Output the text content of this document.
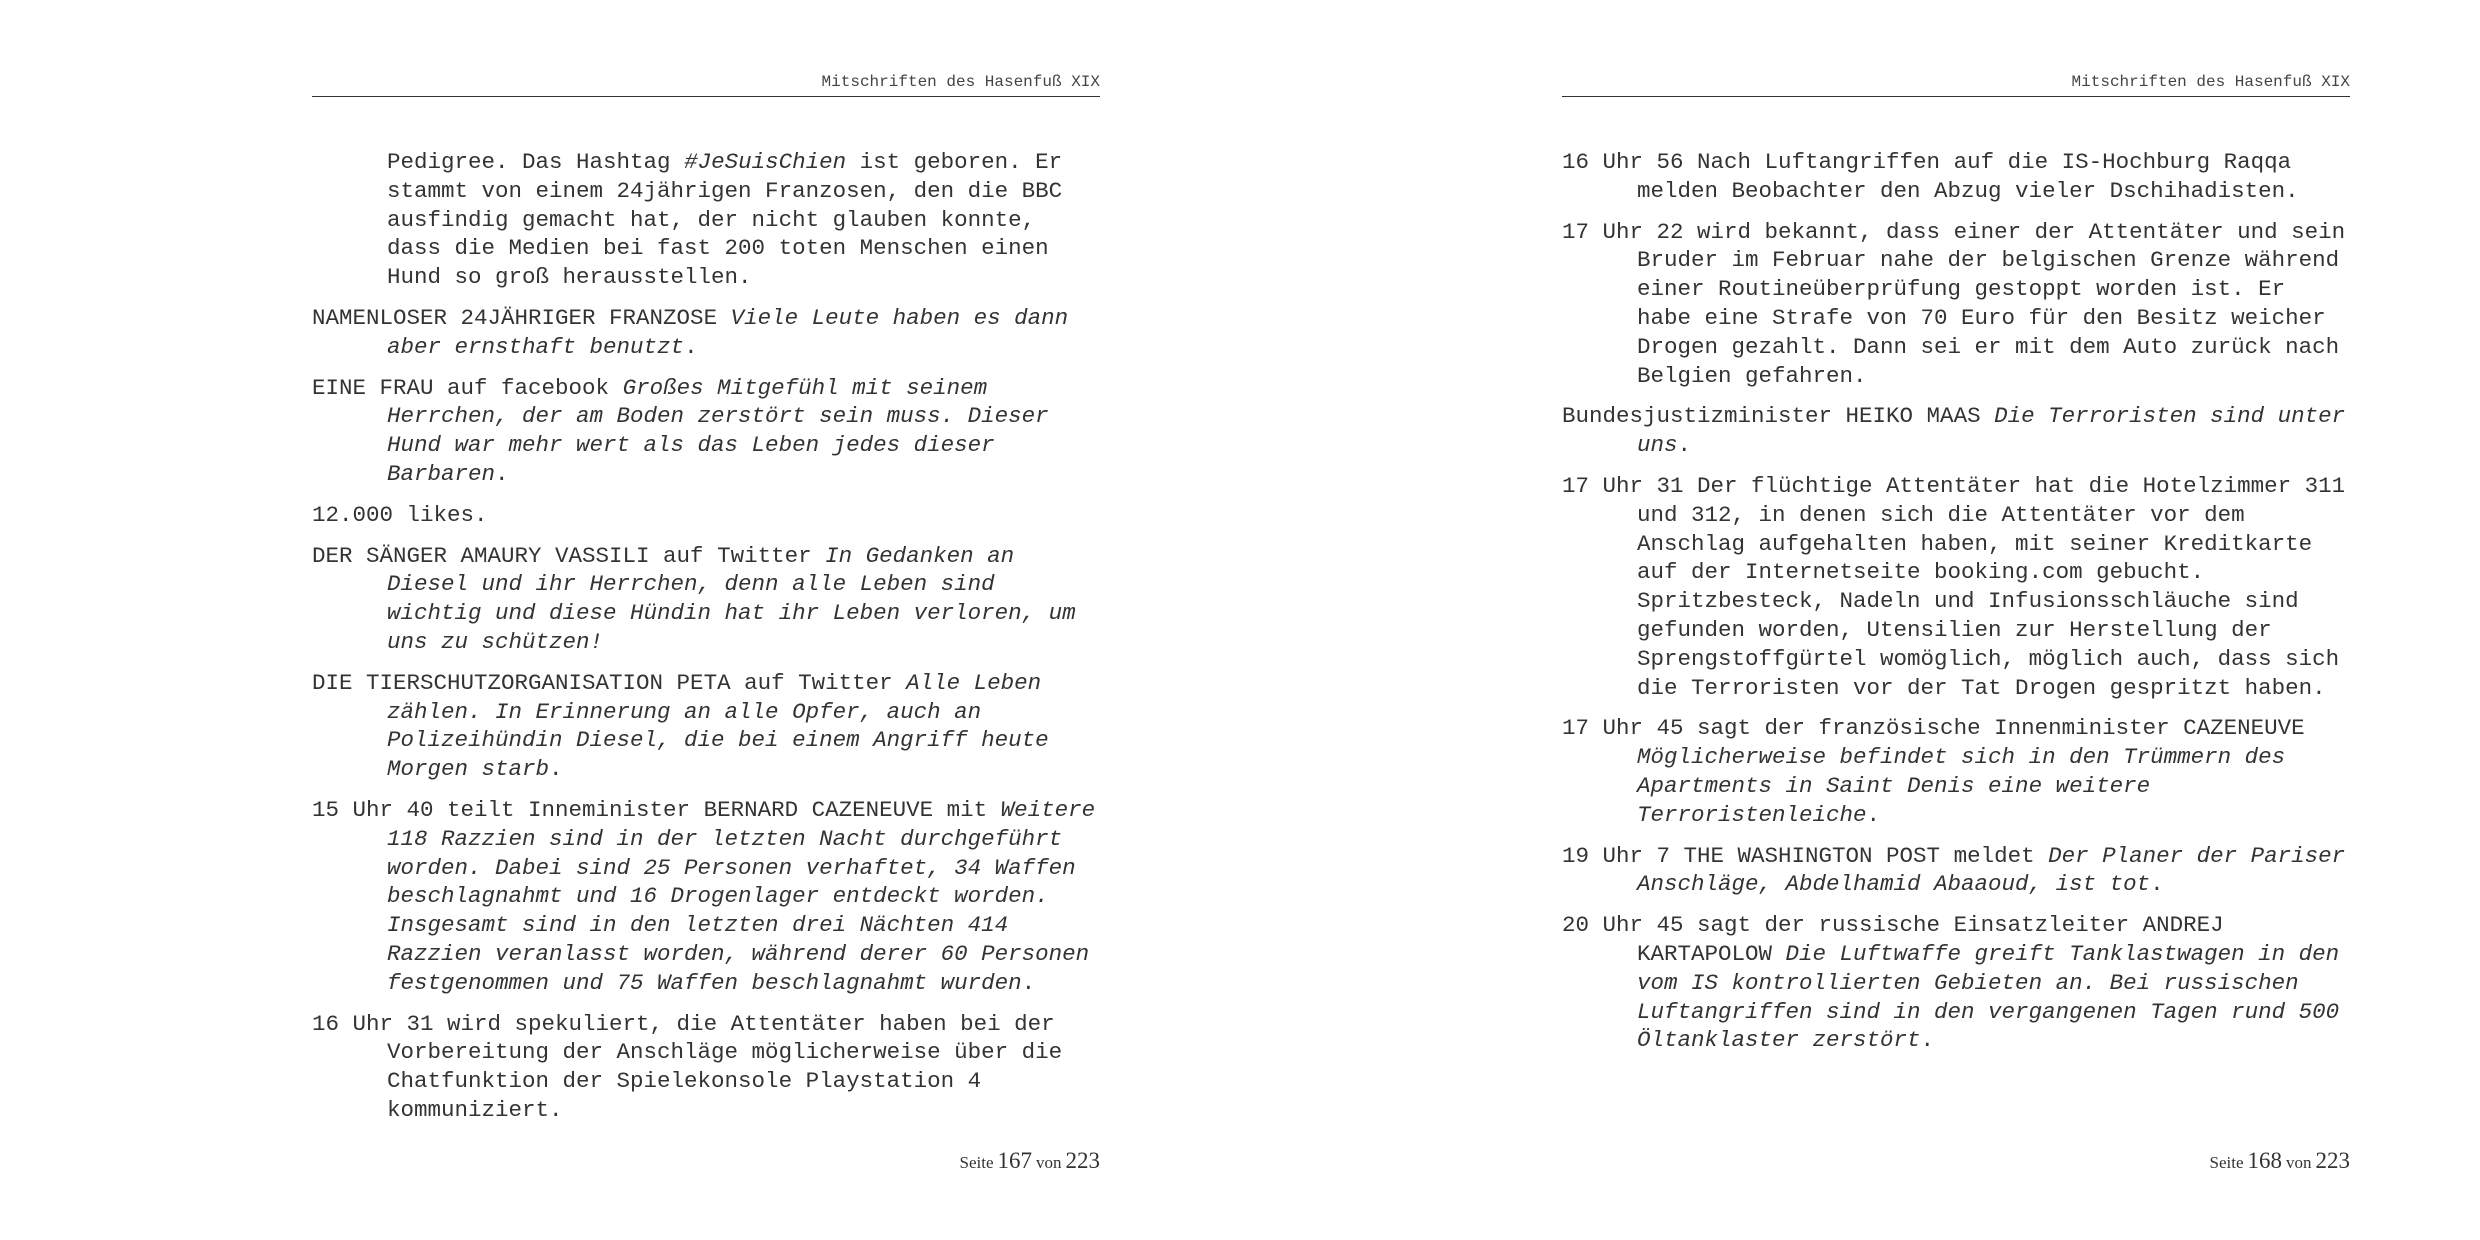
Mitschriften des Hasenfuß XIX

Pedigree. Das Hashtag #JeSuisChien ist geboren. Er stammt von einem 24jährigen Franzosen, den die BBC ausfindig gemacht hat, der nicht glauben konnte, dass die Medien bei fast 200 toten Menschen einen Hund so groß herausstellen.

NAMENLOSER 24JÄHRIGER FRANZOSE Viele Leute haben es dann aber ernsthaft benutzt.

EINE FRAU auf facebook Großes Mitgefühl mit seinem Herrchen, der am Boden zerstört sein muss. Dieser Hund war mehr wert als das Leben jedes dieser Barbaren.

12.000 likes.

DER SÄNGER AMAURY VASSILI auf Twitter In Gedanken an Diesel und ihr Herrchen, denn alle Leben sind wichtig und diese Hündin hat ihr Leben verloren, um uns zu schützen!

DIE TIERSCHUTZORGANISATION PETA auf Twitter Alle Leben zählen. In Erinnerung an alle Opfer, auch an Polizeihündin Diesel, die bei einem Angriff heute Morgen starb.

15 Uhr 40 teilt Inneminister BERNARD CAZENEUVE mit Weitere 118 Razzien sind in der letzten Nacht durchgeführt worden. Dabei sind 25 Personen verhaftet, 34 Waffen beschlagnahmt und 16 Drogenlager entdeckt worden. Insgesamt sind in den letzten drei Nächten 414 Razzien veranlasst worden, während derer 60 Personen festgenommen und 75 Waffen beschlagnahmt wurden.

16 Uhr 31 wird spekuliert, die Attentäter haben bei der Vorbereitung der Anschläge möglicherweise über die Chatfunktion der Spielekonsole Playstation 4 kommuniziert.

Seite 167 von 223
Mitschriften des Hasenfuß XIX

16 Uhr 56 Nach Luftangriffen auf die IS-Hochburg Raqqa melden Beobachter den Abzug vieler Dschihadisten.

17 Uhr 22 wird bekannt, dass einer der Attentäter und sein Bruder im Februar nahe der belgischen Grenze während einer Routineüberprüfung gestoppt worden ist. Er habe eine Strafe von 70 Euro für den Besitz weicher Drogen gezahlt. Dann sei er mit dem Auto zurück nach Belgien gefahren.

Bundesjustizminister HEIKO MAAS Die Terroristen sind unter uns.

17 Uhr 31 Der flüchtige Attentäter hat die Hotelzimmer 311 und 312, in denen sich die Attentäter vor dem Anschlag aufgehalten haben, mit seiner Kreditkarte auf der Internetseite booking.com gebucht. Spritzbesteck, Nadeln und Infusionsschläuche sind gefunden worden, Utensilien zur Herstellung der Sprengstoffgürtel womöglich, möglich auch, dass sich die Terroristen vor der Tat Drogen gespritzt haben.

17 Uhr 45 sagt der französische Innenminister CAZENEUVE Möglicherweise befindet sich in den Trümmern des Apartments in Saint Denis eine weitere Terroristenleiche.

19 Uhr 7 THE WASHINGTON POST meldet Der Planer der Pariser Anschläge, Abdelhamid Abaaoud, ist tot.

20 Uhr 45 sagt der russische Einsatzleiter ANDREJ KARTAPOLOW Die Luftwaffe greift Tanklastwagen in den vom IS kontrollierten Gebieten an. Bei russischen Luftangriffen sind in den vergangenen Tagen rund 500 Öltanklaster zerstört.

Seite 168 von 223
